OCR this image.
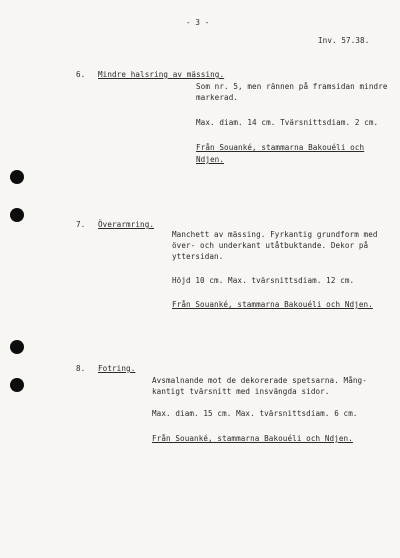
- 3 -
Inv. 57.38.
6. Mindre halsring av mässing.
Som nr. 5, men rännen på framsidan mindre
markerad.
Max. diam. 14 cm. Tvärsnittsdiam. 2 cm.
Från Souanké, stammarna Bakouéli och
Ndjen.
7. Överarmring.
Manchett av mässing. Fyrkantig grundform med
över- och underkant utåtbuktande. Dekor på
yttersidan.
Höjd 10 cm. Max. tvärsnittsdiam. 12 cm.
Från Souanké, stammarna Bakouéli och Ndjen.
8. Fotring.
Avsmalnande mot de dekorerade spetsarna. Mång-
kantigt tvärsnitt med insvängda sidor.
Max. diam. 15 cm. Max. tvärsnittsdiam. 6 cm.
Från Souanké, stammarna Bakouéli och Ndjen.
